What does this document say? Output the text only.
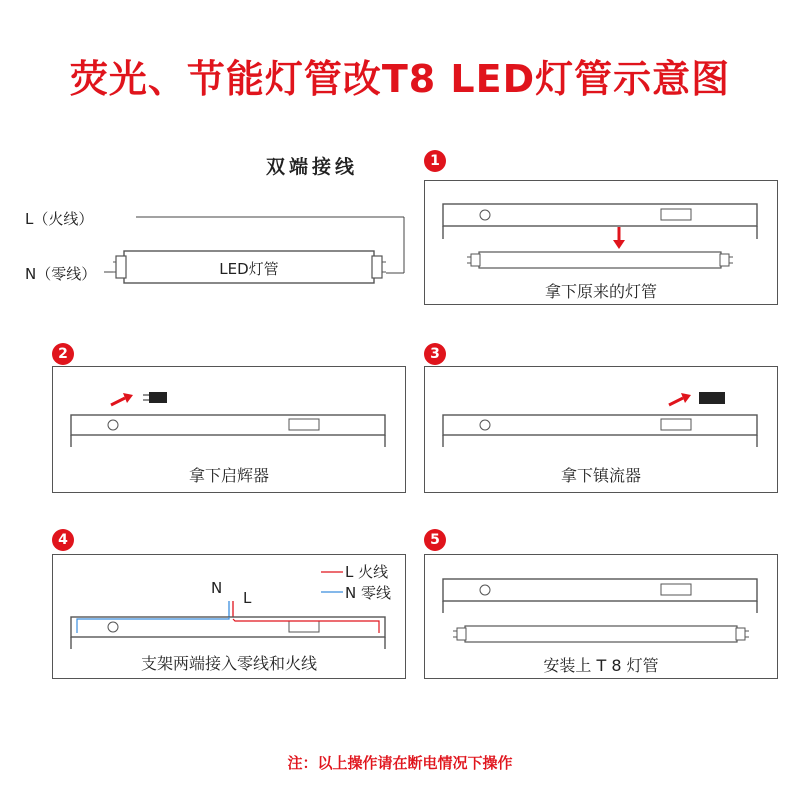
荧光、节能灯管改T8 LED灯管示意图
双端接线
L（火线）
N（零线）	LED灯管
1
拿下原来的灯管
2
拿下启辉器
3
拿下镇流器
4
N
L
L 火线
N 零线
支架两端接入零线和火线
5
安装上 T 8 灯管
注：以上操作请在断电情况下操作
